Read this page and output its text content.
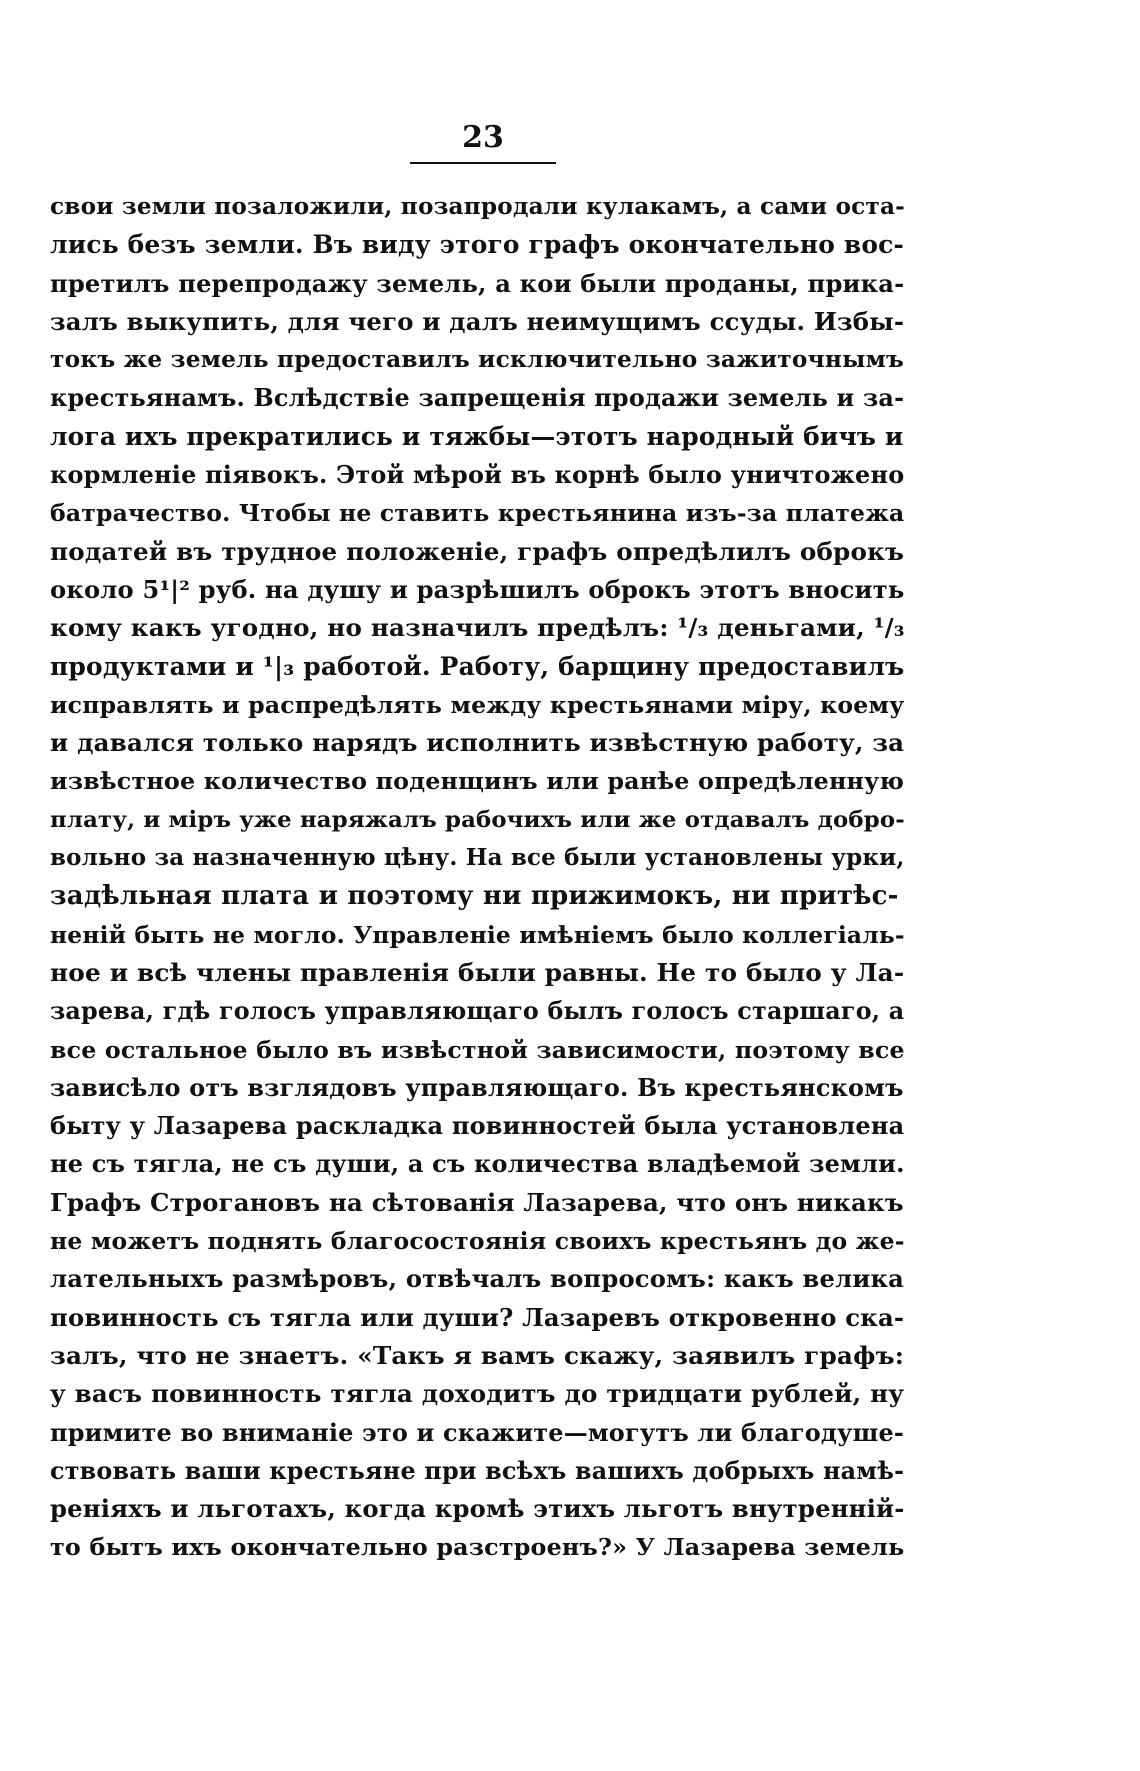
23
свои земли позаложили, позапродали кулакамъ, а сами оста-
лись безъ земли. Въ виду этого графъ окончательно вос-
претилъ перепродажу земель, а кои были проданы, прика-
залъ выкупить, для чего и далъ неимущимъ ссуды. Избы-
токъ же земель предоставилъ исключительно зажиточнымъ
крестьянамъ. Вслѣдствіе запрещенія продажи земель и за-
лога ихъ прекратились и тяжбы—этотъ народный бичъ и
кормленіе піявокъ. Этой мѣрой въ корнѣ было уничтожено
батрачество. Чтобы не ставить крестьянина изъ-за платежа
податей въ трудное положеніе, графъ опредѣлилъ оброкъ
около 5¹|² руб. на душу и разрѣшилъ оброкъ этотъ вносить
кому какъ угодно, но назначилъ предѣлъ: ¹/₃ деньгами, ¹/₃
продуктами и ¹|₃ работой. Работу, барщину предоставилъ
исправлять и распредѣлять между крестьянами міру, коему
и давался только нарядъ исполнить извѣстную работу, за
извѣстное количество поденщинъ или ранѣе опредѣленную
плату, и міръ уже наряжалъ рабочихъ или же отдавалъ добро-
вольно за назначенную цѣну. На все были установлены урки,
задѣльная плата и поэтому ни прижимокъ, ни притѣс-
неній быть не могло. Управленіе имѣніемъ было коллегіаль-
ное и всѣ члены правленія были равны. Не то было у Ла-
зарева, гдѣ голосъ управляющаго былъ голосъ старшаго, а
все остальное было въ извѣстной зависимости, поэтому все
зависѣло отъ взглядовъ управляющаго. Въ крестьянскомъ
быту у Лазарева раскладка повинностей была установлена
не съ тягла, не съ души, а съ количества владѣемой земли.
Графъ Строгановъ на сѣтованія Лазарева, что онъ никакъ
не можетъ поднять благосостоянія своихъ крестьянъ до же-
лательныхъ размѣровъ, отвѣчалъ вопросомъ: какъ велика
повинность съ тягла или души? Лазаревъ откровенно ска-
залъ, что не знаетъ. «Такъ я вамъ скажу, заявилъ графъ:
у васъ повинность тягла доходитъ до тридцати рублей, ну
примите во вниманіе это и скажите—могутъ ли благодуше-
ствовать ваши крестьяне при всѣхъ вашихъ добрыхъ намѣ-
реніяхъ и льготахъ, когда кромѣ этихъ льготъ внутренній-
то бытъ ихъ окончательно разстроенъ?» У Лазарева земель
